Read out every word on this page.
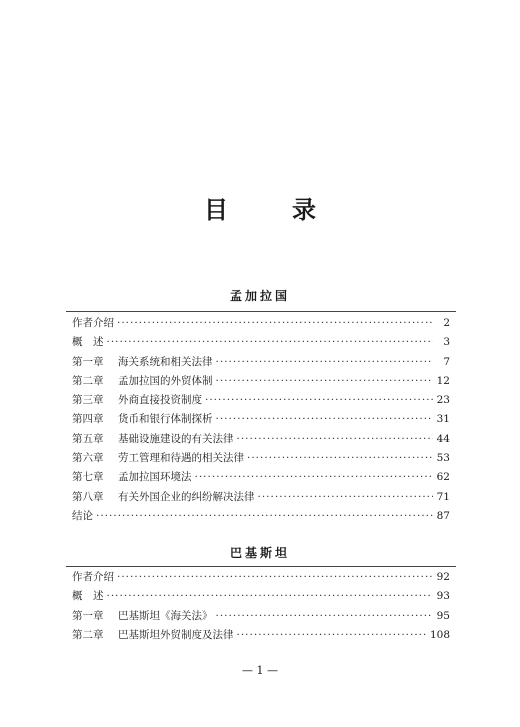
目　录
孟加拉国
作者介绍 ·····	2
概　述 ·····	3
第一章 海关系统和相关法律 ·····	7
第二章 孟加拉国的外贸体制 ·····	12
第三章 外商直接投资制度 ·····	23
第四章 货币和银行体制探析 ·····	31
第五章 基础设施建设的有关法律 ·····	44
第六章 劳工管理和待遇的相关法律 ·····	53
第七章 孟加拉国环境法 ·····	62
第八章 有关外国企业的纠纷解决法律 ·····	71
结论 ·····	87
巴基斯坦
作者介绍 ·····	92
概　述 ·····	93
第一章 巴基斯坦《海关法》 ·····	95
第二章 巴基斯坦外贸制度及法律 ·····	108
— 1 —
